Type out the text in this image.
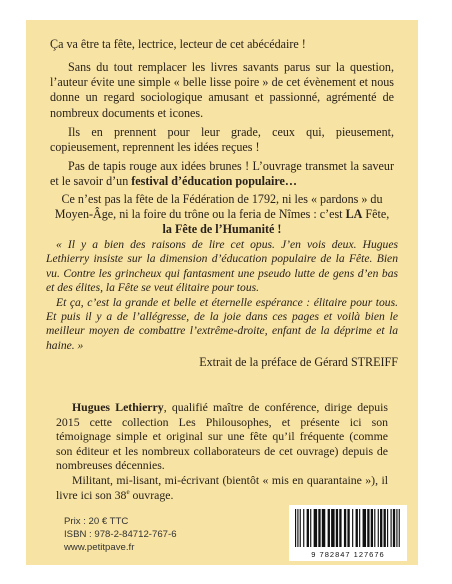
Ça va être ta fête, lectrice, lecteur de cet abécédaire !

Sans du tout remplacer les livres savants parus sur la question, l’auteur évite une simple « belle lisse poire » de cet évènement et nous donne un regard sociologique amusant et passionné, agrémenté de nombreux documents et icones.

Ils en prennent pour leur grade, ceux qui, pieusement, copieusement, reprennent les idées reçues !

Pas de tapis rouge aux idées brunes ! L’ouvrage transmet la saveur et le savoir d’un festival d’éducation populaire…

Ce n’est pas la fête de la Fédération de 1792, ni les « pardons » du Moyen-Âge, ni la foire du trône ou la feria de Nîmes : c’est LA Fête, la Fête de l’Humanité !

« Il y a bien des raisons de lire cet opus. J’en vois deux. Hugues Lethierry insiste sur la dimension d’éducation populaire de la Fête. Bien vu. Contre les grincheux qui fantasment une pseudo lutte de gens d’en bas et des élites, la Fête se veut élitaire pour tous.

Et ça, c’est la grande et belle et éternelle espérance : élitaire pour tous. Et puis il y a de l’allégresse, de la joie dans ces pages et voilà bien le meilleur moyen de combattre l’extrême-droite, enfant de la déprime et la haine. »

Extrait de la préface de Gérard STREIFF

Hugues Lethierry, qualifié maître de conférence, dirige depuis 2015 cette collection Les Philousophes, et présente ici son témoignage simple et original sur une fête qu’il fréquente (comme son éditeur et les nombreux collaborateurs de cet ouvrage) depuis de nombreuses décennies.

Militant, mi-lisant, mi-écrivant (bientôt « mis en quarantaine »), il livre ici son 38e ouvrage.

Prix : 20 € TTC
ISBN : 978-2-84712-767-6
www.petitpave.fr
9 782847 127676
